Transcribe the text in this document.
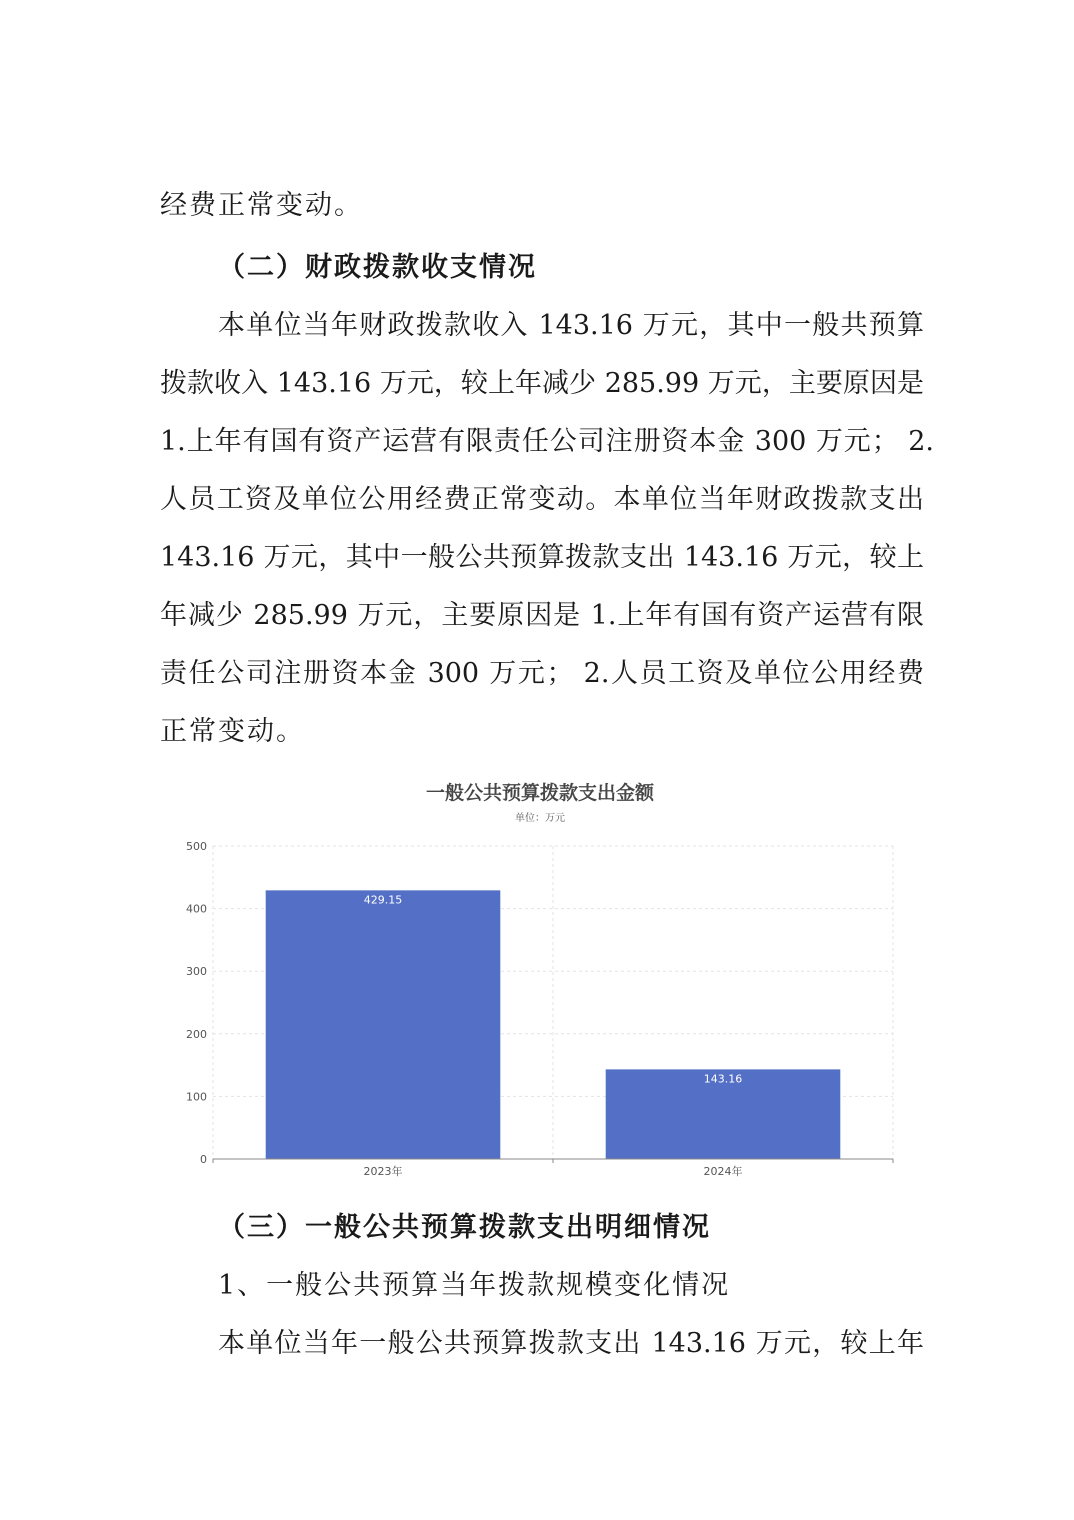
经费正常变动。
（二）财政拨款收支情况
本单位当年财政拨款收入 143.16 万元，其中一般共预算
拨款收入 143.16 万元，较上年减少 285.99 万元，主要原因是
1.上年有国有资产运营有限责任公司注册资本金 300 万元； 2.
人员工资及单位公用经费正常变动。本单位当年财政拨款支出
143.16 万元，其中一般公共预算拨款支出 143.16 万元，较上
年减少 285.99 万元，主要原因是 1.上年有国有资产运营有限
责任公司注册资本金 300 万元； 2.人员工资及单位公用经费
正常变动。
一般公共预算拨款支出金额
单位：万元
429.15
143.16
0
100
200
300
400
500
2023年	2024年
（三）一般公共预算拨款支出明细情况
1、一般公共预算当年拨款规模变化情况
本单位当年一般公共预算拨款支出 143.16 万元，较上年
